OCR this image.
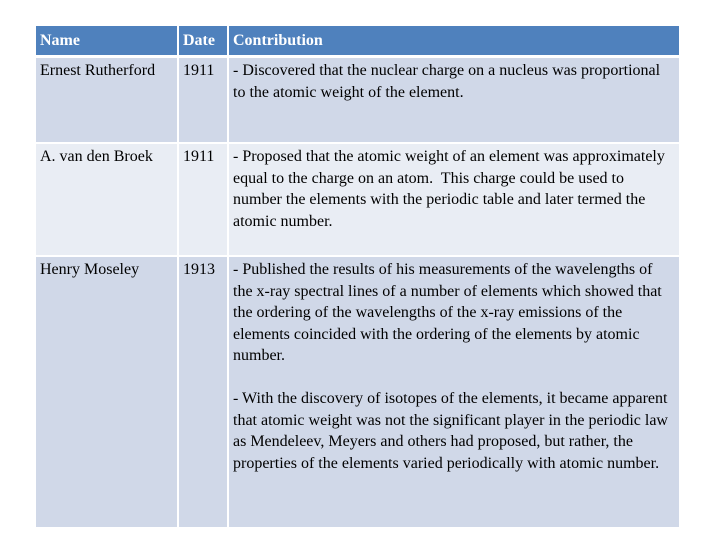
Name	Date	Contribution
Ernest Rutherford	1911	- Discovered that the nuclear charge on a nucleus was proportional to the atomic weight of the element.

A. van den Broek	1911	- Proposed that the atomic weight of an element was approximately equal to the charge on an atom.  This charge could be used to number the elements with the periodic table and later termed the atomic number.

Henry Moseley	1913	- Published the results of his measurements of the wavelengths of the x-ray spectral lines of a number of elements which showed that the ordering of the wavelengths of the x-ray emissions of the elements coincided with the ordering of the elements by atomic number.

- With the discovery of isotopes of the elements, it became apparent that atomic weight was not the significant player in the periodic law as Mendeleev, Meyers and others had proposed, but rather, the properties of the elements varied periodically with atomic number.
